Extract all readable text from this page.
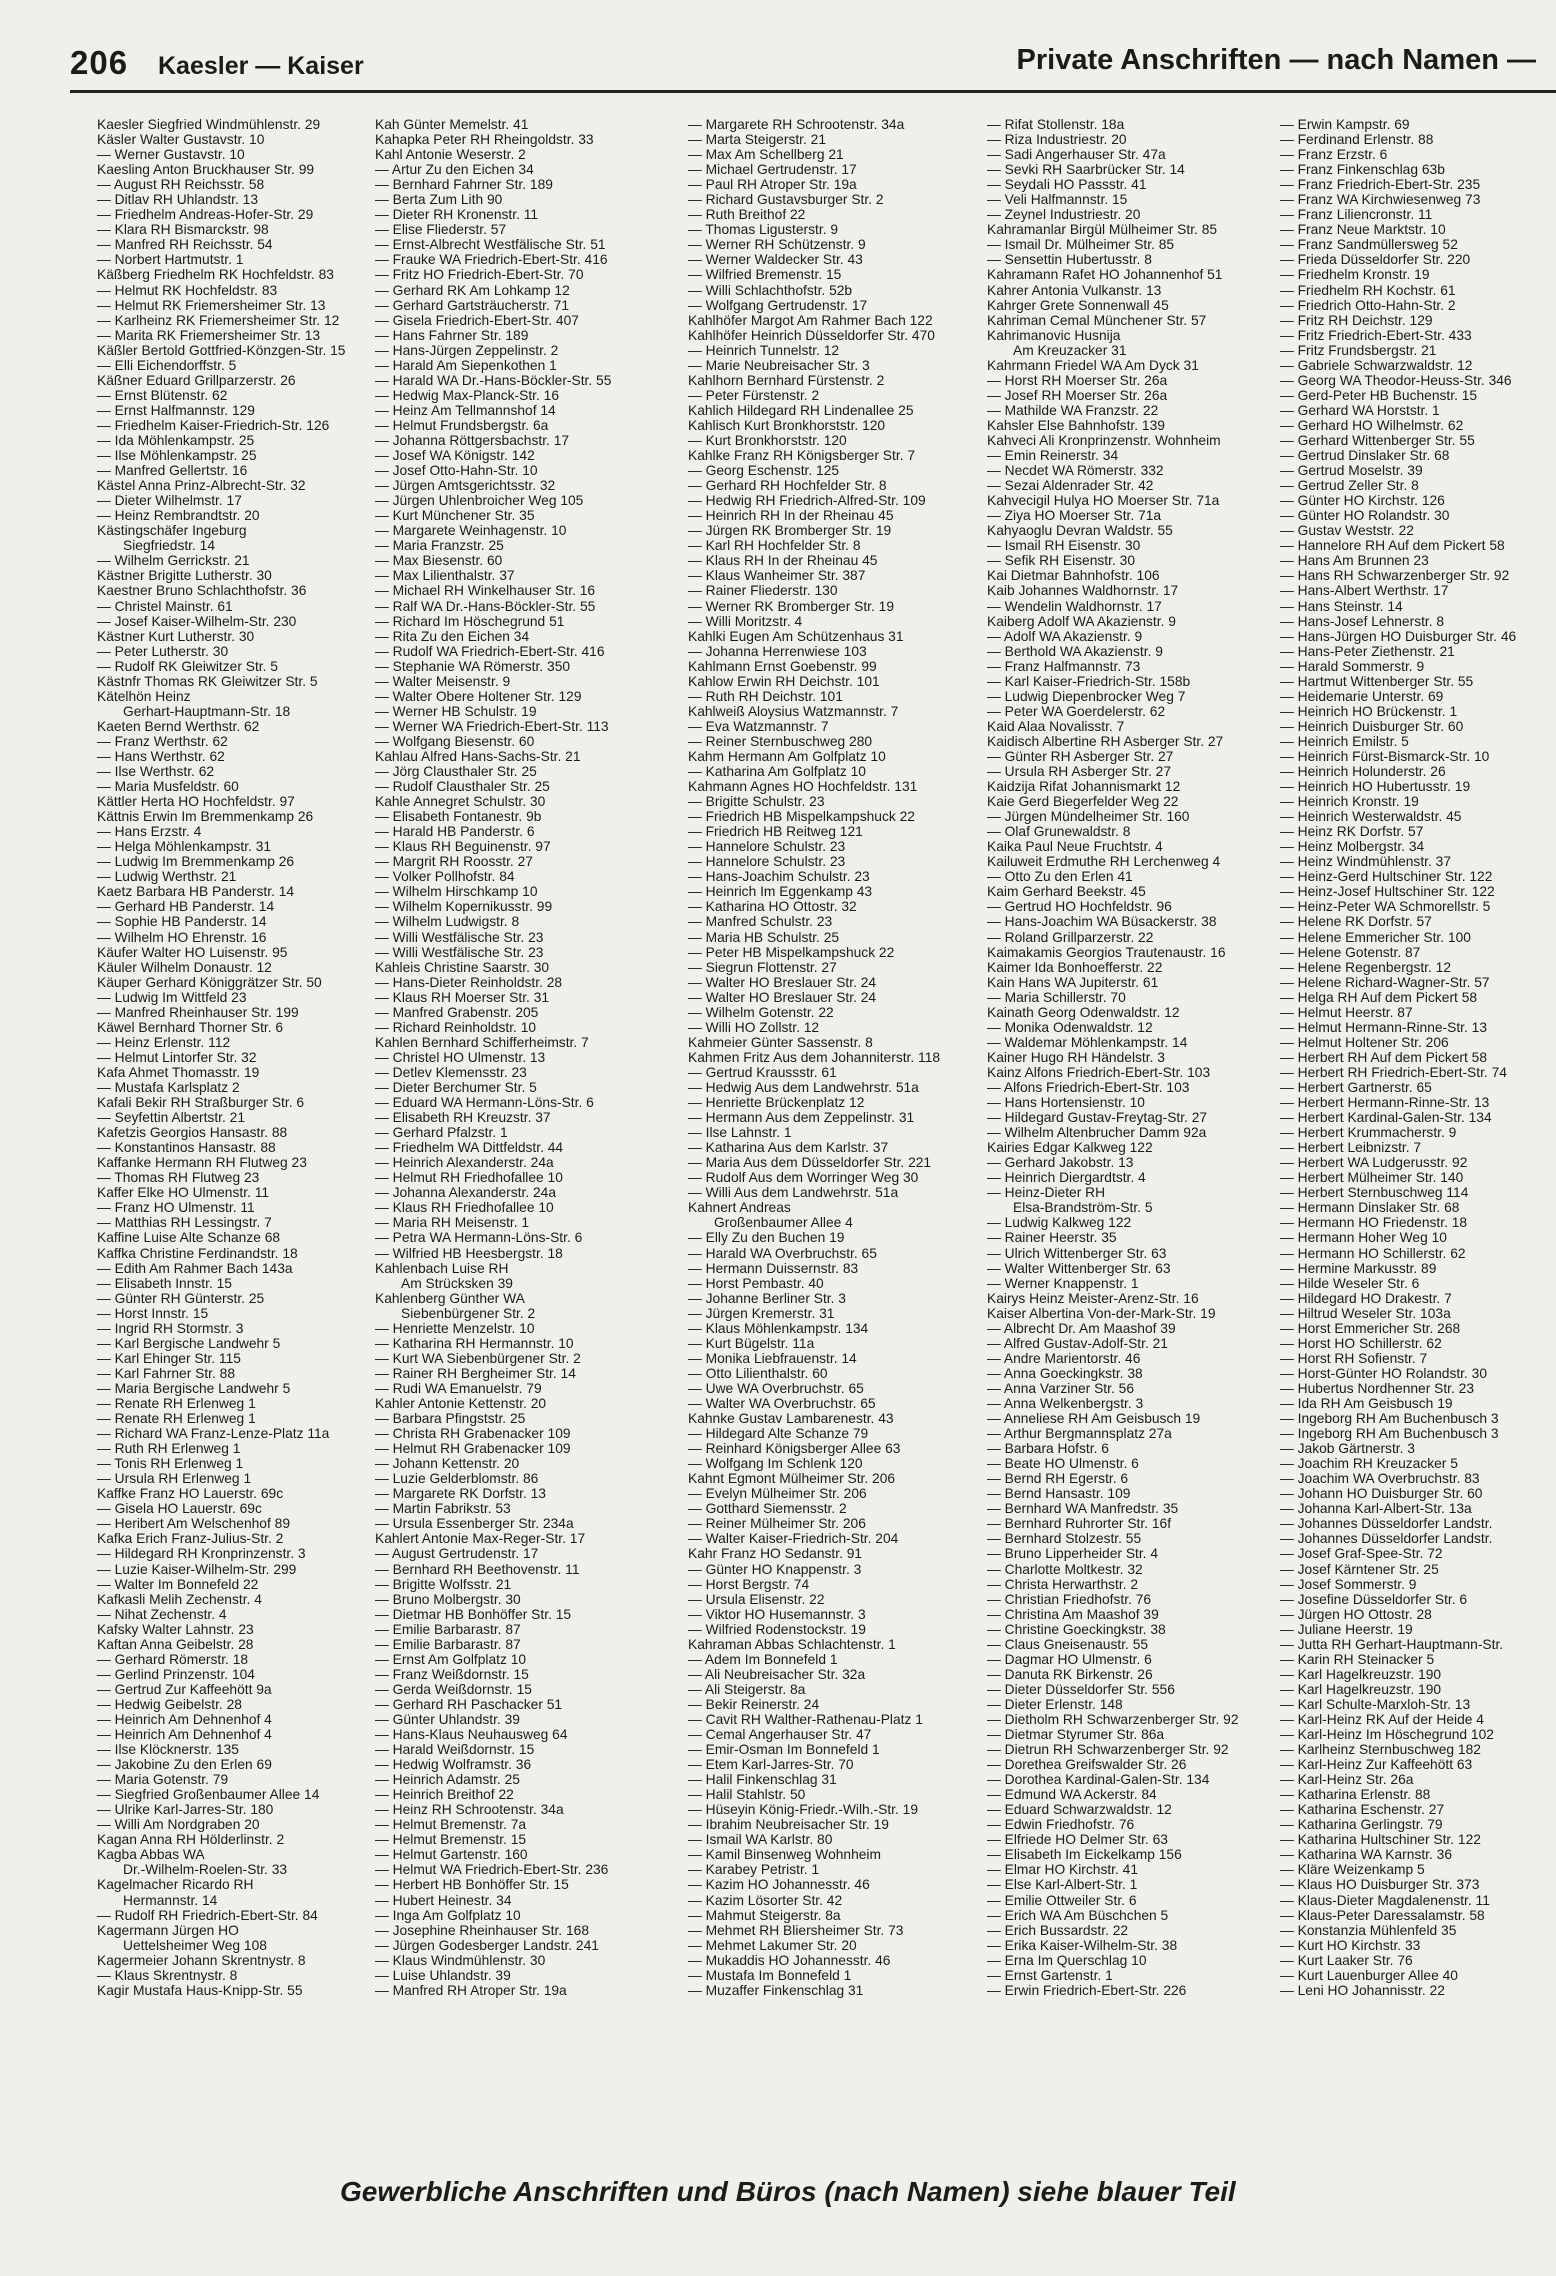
206 Kaesler — Kaiser	Private Anschriften — nach Namen —
Kaesler Siegfried Windmühlenstr. 29
Käsler Walter Gustavstr. 10
— Werner Gustavstr. 10
Kaesling Anton Bruckhauser Str. 99
— August RH Reichsstr. 58
— Ditlav RH Uhlandstr. 13
— Friedhelm Andreas-Hofer-Str. 29
— Klara RH Bismarckstr. 98
— Manfred RH Reichsstr. 54
— Norbert Hartmutstr. 1
Käßberg Friedhelm RK Hochfeldstr. 83
— Helmut RK Hochfeldstr. 83
— Helmut RK Friemersheimer Str. 13
— Karlheinz RK Friemersheimer Str. 12
— Marita RK Friemersheimer Str. 13
Käßler Bertold Gottfried-Könzgen-Str. 15
— Elli Eichendorffstr. 5
Käßner Eduard Grillparzerstr. 26
— Ernst Blütenstr. 62
— Ernst Halfmannstr. 129
— Friedhelm Kaiser-Friedrich-Str. 126
— Ida Möhlenkampstr. 25
— Ilse Möhlenkampstr. 25
— Manfred Gellertstr. 16
Kästel Anna Prinz-Albrecht-Str. 32
— Dieter Wilhelmstr. 17
— Heinz Rembrandtstr. 20
Kästingschäfer Ingeburg
Siegfriedstr. 14
— Wilhelm Gerrickstr. 21
Kästner Brigitte Lutherstr. 30
Kaestner Bruno Schlachthofstr. 36
— Christel Mainstr. 61
— Josef Kaiser-Wilhelm-Str. 230
Kästner Kurt Lutherstr. 30
— Peter Lutherstr. 30
— Rudolf RK Gleiwitzer Str. 5
Kästnfr Thomas RK Gleiwitzer Str. 5
Kätelhön Heinz
Gerhart-Hauptmann-Str. 18
Kaeten Bernd Werthstr. 62
— Franz Werthstr. 62
— Hans Werthstr. 62
— Ilse Werthstr. 62
— Maria Musfeldstr. 60
Kättler Herta HO Hochfeldstr. 97
Kättnis Erwin Im Bremmenkamp 26
— Hans Erzstr. 4
— Helga Möhlenkampstr. 31
— Ludwig Im Bremmenkamp 26
— Ludwig Werthstr. 21
Kaetz Barbara HB Panderstr. 14
— Gerhard HB Panderstr. 14
— Sophie HB Panderstr. 14
— Wilhelm HO Ehrenstr. 16
Käufer Walter HO Luisenstr. 95
Käuler Wilhelm Donaustr. 12
Käuper Gerhard Königgrätzer Str. 50
— Ludwig Im Wittfeld 23
— Manfred Rheinhauser Str. 199
Käwel Bernhard Thorner Str. 6
— Heinz Erlenstr. 112
— Helmut Lintorfer Str. 32
Kafa Ahmet Thomasstr. 19
— Mustafa Karlsplatz 2
Kafali Bekir RH Straßburger Str. 6
— Seyfettin Albertstr. 21
Kafetzis Georgios Hansastr. 88
— Konstantinos Hansastr. 88
Kaffanke Hermann RH Flutweg 23
— Thomas RH Flutweg 23
Kaffer Elke HO Ulmenstr. 11
— Franz HO Ulmenstr. 11
— Matthias RH Lessingstr. 7
Kaffine Luise Alte Schanze 68
Kaffka Christine Ferdinandstr. 18
— Edith Am Rahmer Bach 143a
— Elisabeth Innstr. 15
— Günter RH Günterstr. 25
— Horst Innstr. 15
— Ingrid RH Stormstr. 3
— Karl Bergische Landwehr 5
— Karl Ehinger Str. 115
— Karl Fahrner Str. 88
— Maria Bergische Landwehr 5
— Renate RH Erlenweg 1
— Renate RH Erlenweg 1
— Richard WA Franz-Lenze-Platz 11a
— Ruth RH Erlenweg 1
— Tonis RH Erlenweg 1
— Ursula RH Erlenweg 1
Kaffke Franz HO Lauerstr. 69c
— Gisela HO Lauerstr. 69c
— Heribert Am Welschenhof 89
Kafka Erich Franz-Julius-Str. 2
— Hildegard RH Kronprinzenstr. 3
— Luzie Kaiser-Wilhelm-Str. 299
— Walter Im Bonnefeld 22
Kafkasli Melih Zechenstr. 4
— Nihat Zechenstr. 4
Kafsky Walter Lahnstr. 23
Kaftan Anna Geibelstr. 28
— Gerhard Römerstr. 18
— Gerlind Prinzenstr. 104
— Gertrud Zur Kaffeehött 9a
— Hedwig Geibelstr. 28
— Heinrich Am Dehnenhof 4
— Heinrich Am Dehnenhof 4
— Ilse Klöcknerstr. 135
— Jakobine Zu den Erlen 69
— Maria Gotenstr. 79
— Siegfried Großenbaumer Allee 14
— Ulrike Karl-Jarres-Str. 180
— Willi Am Nordgraben 20
Kagan Anna RH Hölderlinstr. 2
Kagba Abbas WA
Dr.-Wilhelm-Roelen-Str. 33
Kagelmacher Ricardo RH
Hermannstr. 14
— Rudolf RH Friedrich-Ebert-Str. 84
Kagermann Jürgen HO
Uettelsheimer Weg 108
Kagermeier Johann Skrentnystr. 8
— Klaus Skrentnystr. 8
Kagir Mustafa Haus-Knipp-Str. 55
Kah Günter Memelstr. 41
Kahapka Peter RH Rheingoldstr. 33
Kahl Antonie Weserstr. 2
— Artur Zu den Eichen 34
— Bernhard Fahrner Str. 189
— Berta Zum Lith 90
— Dieter RH Kronenstr. 11
— Elise Fliederstr. 57
— Ernst-Albrecht Westfälische Str. 51
— Frauke WA Friedrich-Ebert-Str. 416
— Fritz HO Friedrich-Ebert-Str. 70
— Gerhard RK Am Lohkamp 12
— Gerhard Gartsträucherstr. 71
— Gisela Friedrich-Ebert-Str. 407
— Hans Fahrner Str. 189
— Hans-Jürgen Zeppelinstr. 2
— Harald Am Siepenkothen 1
— Harald WA Dr.-Hans-Böckler-Str. 55
— Hedwig Max-Planck-Str. 16
— Heinz Am Tellmannshof 14
— Helmut Frundsbergstr. 6a
— Johanna Röttgersbachstr. 17
— Josef WA Königstr. 142
— Josef Otto-Hahn-Str. 10
— Jürgen Amtsgerichtsstr. 32
— Jürgen Uhlenbroicher Weg 105
— Kurt Münchener Str. 35
— Margarete Weinhagenstr. 10
— Maria Franzstr. 25
— Max Biesenstr. 60
— Max Lilienthalstr. 37
— Michael RH Winkelhauser Str. 16
— Ralf WA Dr.-Hans-Böckler-Str. 55
— Richard Im Höschegrund 51
— Rita Zu den Eichen 34
— Rudolf WA Friedrich-Ebert-Str. 416
— Stephanie WA Römerstr. 350
— Walter Meisenstr. 9
— Walter Obere Holtener Str. 129
— Werner HB Schulstr. 19
— Werner WA Friedrich-Ebert-Str. 113
— Wolfgang Biesenstr. 60
Kahlau Alfred Hans-Sachs-Str. 21
— Jörg Clausthaler Str. 25
— Rudolf Clausthaler Str. 25
Kahle Annegret Schulstr. 30
— Elisabeth Fontanestr. 9b
— Harald HB Panderstr. 6
— Klaus RH Beguinenstr. 97
— Margrit RH Roosstr. 27
— Volker Pollhofstr. 84
— Wilhelm Hirschkamp 10
— Wilhelm Kopernikusstr. 99
— Wilhelm Ludwigstr. 8
— Willi Westfälische Str. 23
— Willi Westfälische Str. 23
Kahleis Christine Saarstr. 30
— Hans-Dieter Reinholdstr. 28
— Klaus RH Moerser Str. 31
— Manfred Grabenstr. 205
— Richard Reinholdstr. 10
Kahlen Bernhard Schifferheimstr. 7
— Christel HO Ulmenstr. 13
— Detlev Klemensstr. 23
— Dieter Berchumer Str. 5
— Eduard WA Hermann-Löns-Str. 6
— Elisabeth RH Kreuzstr. 37
— Gerhard Pfalzstr. 1
— Friedhelm WA Dittfeldstr. 44
— Heinrich Alexanderstr. 24a
— Helmut RH Friedhofallee 10
— Johanna Alexanderstr. 24a
— Klaus RH Friedhofallee 10
— Maria RH Meisenstr. 1
— Petra WA Hermann-Löns-Str. 6
— Wilfried HB Heesbergstr. 18
Kahlenbach Luise RH
Am Strücksken 39
Kahlenberg Günther WA
Siebenbürgener Str. 2
— Henriette Menzelstr. 10
— Katharina RH Hermannstr. 10
— Kurt WA Siebenbürgener Str. 2
— Rainer RH Bergheimer Str. 14
— Rudi WA Emanuelstr. 79
Kahler Antonie Kettenstr. 20
— Barbara Pfingststr. 25
— Christa RH Grabenacker 109
— Helmut RH Grabenacker 109
— Johann Kettenstr. 20
— Luzie Gelderblomstr. 86
— Margarete RK Dorfstr. 13
— Martin Fabrikstr. 53
— Ursula Essenberger Str. 234a
Kahlert Antonie Max-Reger-Str. 17
— August Gertrudenstr. 17
— Bernhard RH Beethovenstr. 11
— Brigitte Wolfsstr. 21
— Bruno Molbergstr. 30
— Dietmar HB Bonhöffer Str. 15
— Emilie Barbarastr. 87
— Emilie Barbarastr. 87
— Ernst Am Golfplatz 10
— Franz Weißdornstr. 15
— Gerda Weißdornstr. 15
— Gerhard RH Paschacker 51
— Günter Uhlandstr. 39
— Hans-Klaus Neuhausweg 64
— Harald Weißdornstr. 15
— Hedwig Wolframstr. 36
— Heinrich Adamstr. 25
— Heinrich Breithof 22
— Heinz RH Schrootenstr. 34a
— Helmut Bremenstr. 7a
— Helmut Bremenstr. 15
— Helmut Gartenstr. 160
— Helmut WA Friedrich-Ebert-Str. 236
— Herbert HB Bonhöffer Str. 15
— Hubert Heinestr. 34
— Inga Am Golfplatz 10
— Josephine Rheinhauser Str. 168
— Jürgen Godesberger Landstr. 241
— Klaus Windmühlenstr. 30
— Luise Uhlandstr. 39
— Manfred RH Atroper Str. 19a
— Margarete RH Schrootenstr. 34a
— Marta Steigerstr. 21
— Max Am Schellberg 21
— Michael Gertrudenstr. 17
— Paul RH Atroper Str. 19a
— Richard Gustavsburger Str. 2
— Ruth Breithof 22
— Thomas Ligusterstr. 9
— Werner RH Schützenstr. 9
— Werner Waldecker Str. 43
— Wilfried Bremenstr. 15
— Willi Schlachthofstr. 52b
— Wolfgang Gertrudenstr. 17
Kahlhöfer Margot Am Rahmer Bach 122
Kahlhöfer Heinrich Düsseldorfer Str. 470
— Heinrich Tunnelstr. 12
— Marie Neubreisacher Str. 3
Kahlhorn Bernhard Fürstenstr. 2
— Peter Fürstenstr. 2
Kahlich Hildegard RH Lindenallee 25
Kahlisch Kurt Bronkhorststr. 120
— Kurt Bronkhorststr. 120
Kahlke Franz RH Königsberger Str. 7
— Georg Eschenstr. 125
— Gerhard RH Hochfelder Str. 8
— Hedwig RH Friedrich-Alfred-Str. 109
— Heinrich RH In der Rheinau 45
— Jürgen RK Bromberger Str. 19
— Karl RH Hochfelder Str. 8
— Klaus RH In der Rheinau 45
— Klaus Wanheimer Str. 387
— Rainer Fliederstr. 130
— Werner RK Bromberger Str. 19
— Willi Moritzstr. 4
Kahlki Eugen Am Schützenhaus 31
— Johanna Herrenwiese 103
Kahlmann Ernst Goebenstr. 99
Kahlow Erwin RH Deichstr. 101
— Ruth RH Deichstr. 101
Kahlweiß Aloysius Watzmannstr. 7
— Eva Watzmannstr. 7
— Reiner Sternbuschweg 280
Kahm Hermann Am Golfplatz 10
— Katharina Am Golfplatz 10
Kahmann Agnes HO Hochfeldstr. 131
— Brigitte Schulstr. 23
— Friedrich HB Mispelkampshuck 22
— Friedrich HB Reitweg 121
— Hannelore Schulstr. 23
— Hannelore Schulstr. 23
— Hans-Joachim Schulstr. 23
— Heinrich Im Eggenkamp 43
— Katharina HO Ottostr. 32
— Manfred Schulstr. 23
— Maria HB Schulstr. 25
— Peter HB Mispelkampshuck 22
— Siegrun Flottenstr. 27
— Walter HO Breslauer Str. 24
— Walter HO Breslauer Str. 24
— Wilhelm Gotenstr. 22
— Willi HO Zollstr. 12
Kahmeier Günter Sassenstr. 8
Kahmen Fritz Aus dem Johanniterstr. 118
— Gertrud Kraussstr. 61
— Hedwig Aus dem Landwehrstr. 51a
— Henriette Brückenplatz 12
— Hermann Aus dem Zeppelinstr. 31
— Ilse Lahnstr. 1
— Katharina Aus dem Karlstr. 37
— Maria Aus dem Düsseldorfer Str. 221
— Rudolf Aus dem Worringer Weg 30
— Willi Aus dem Landwehrstr. 51a
Kahnert Andreas
Großenbaumer Allee 4
— Elly Zu den Buchen 19
— Harald WA Overbruchstr. 65
— Hermann Duissernstr. 83
— Horst Pembastr. 40
— Johanne Berliner Str. 3
— Jürgen Kremerstr. 31
— Klaus Möhlenkampstr. 134
— Kurt Bügelstr. 11a
— Monika Liebfrauenstr. 14
— Otto Lilienthalstr. 60
— Uwe WA Overbruchstr. 65
— Walter WA Overbruchstr. 65
Kahnke Gustav Lambarenestr. 43
— Hildegard Alte Schanze 79
— Reinhard Königsberger Allee 63
— Wolfgang Im Schlenk 120
Kahnt Egmont Mülheimer Str. 206
— Evelyn Mülheimer Str. 206
— Gotthard Siemensstr. 2
— Reiner Mülheimer Str. 206
— Walter Kaiser-Friedrich-Str. 204
Kahr Franz HO Sedanstr. 91
— Günter HO Knappenstr. 3
— Horst Bergstr. 74
— Ursula Elisenstr. 22
— Viktor HO Husemannstr. 3
— Wilfried Rodenstockstr. 19
Kahraman Abbas Schlachtenstr. 1
— Adem Im Bonnefeld 1
— Ali Neubreisacher Str. 32a
— Ali Steigerstr. 8a
— Bekir Reinerstr. 24
— Cavit RH Walther-Rathenau-Platz 1
— Cemal Angerhauser Str. 47
— Emir-Osman Im Bonnefeld 1
— Etem Karl-Jarres-Str. 70
— Halil Finkenschlag 31
— Halil Stahlstr. 50
— Hüseyin König-Friedr.-Wilh.-Str. 19
— Ibrahim Neubreisacher Str. 19
— Ismail WA Karlstr. 80
— Kamil Binsenweg Wohnheim
— Karabey Petristr. 1
— Kazim HO Johannesstr. 46
— Kazim Lösorter Str. 42
— Mahmut Steigerstr. 8a
— Mehmet RH Bliersheimer Str. 73
— Mehmet Lakumer Str. 20
— Mukaddis HO Johannesstr. 46
— Mustafa Im Bonnefeld 1
— Muzaffer Finkenschlag 31
— Rifat Stollenstr. 18a
— Riza Industriestr. 20
— Sadi Angerhauser Str. 47a
— Sevki RH Saarbrücker Str. 14
— Seydali HO Passstr. 41
— Veli Halfmannstr. 15
— Zeynel Industriestr. 20
Kahramanlar Birgül Mülheimer Str. 85
— Ismail Dr. Mülheimer Str. 85
— Sensettin Hubertusstr. 8
Kahramann Rafet HO Johannenhof 51
Kahrer Antonia Vulkanstr. 13
Kahrger Grete Sonnenwall 45
Kahriman Cemal Münchener Str. 57
Kahrimanovic Husnija
Am Kreuzacker 31
Kahrmann Friedel WA Am Dyck 31
— Horst RH Moerser Str. 26a
— Josef RH Moerser Str. 26a
— Mathilde WA Franzstr. 22
Kahsler Else Bahnhofstr. 139
Kahveci Ali Kronprinzenstr. Wohnheim
— Emin Reinerstr. 34
— Necdet WA Römerstr. 332
— Sezai Aldenrader Str. 42
Kahvecigil Hulya HO Moerser Str. 71a
— Ziya HO Moerser Str. 71a
Kahyaoglu Devran Waldstr. 55
— Ismail RH Eisenstr. 30
— Sefik RH Eisenstr. 30
Kai Dietmar Bahnhofstr. 106
Kaib Johannes Waldhornstr. 17
— Wendelin Waldhornstr. 17
Kaiberg Adolf WA Akazienstr. 9
— Adolf WA Akazienstr. 9
— Berthold WA Akazienstr. 9
— Franz Halfmannstr. 73
— Karl Kaiser-Friedrich-Str. 158b
— Ludwig Diepenbrocker Weg 7
— Peter WA Goerdelerstr. 62
Kaid Alaa Novalisstr. 7
Kaidisch Albertine RH Asberger Str. 27
— Günter RH Asberger Str. 27
— Ursula RH Asberger Str. 27
Kaidzija Rifat Johannismarkt 12
Kaie Gerd Biegerfelder Weg 22
— Jürgen Mündelheimer Str. 160
— Olaf Grunewaldstr. 8
Kaika Paul Neue Fruchtstr. 4
Kailuweit Erdmuthe RH Lerchenweg 4
— Otto Zu den Erlen 41
Kaim Gerhard Beekstr. 45
— Gertrud HO Hochfeldstr. 96
— Hans-Joachim WA Büsackerstr. 38
— Roland Grillparzerstr. 22
Kaimakamis Georgios Trautenaustr. 16
Kaimer Ida Bonhoefferstr. 22
Kain Hans WA Jupiterstr. 61
— Maria Schillerstr. 70
Kainath Georg Odenwaldstr. 12
— Monika Odenwaldstr. 12
— Waldemar Möhlenkampstr. 14
Kainer Hugo RH Händelstr. 3
Kainz Alfons Friedrich-Ebert-Str. 103
— Alfons Friedrich-Ebert-Str. 103
— Hans Hortensienstr. 10
— Hildegard Gustav-Freytag-Str. 27
— Wilhelm Altenbrucher Damm 92a
Kairies Edgar Kalkweg 122
— Gerhard Jakobstr. 13
— Heinrich Diergardtstr. 4
— Heinz-Dieter RH
Elsa-Brandström-Str. 5
— Ludwig Kalkweg 122
— Rainer Heerstr. 35
— Ulrich Wittenberger Str. 63
— Walter Wittenberger Str. 63
— Werner Knappenstr. 1
Kairys Heinz Meister-Arenz-Str. 16
Kaiser Albertina Von-der-Mark-Str. 19
— Albrecht Dr. Am Maashof 39
— Alfred Gustav-Adolf-Str. 21
— Andre Marientorstr. 46
— Anna Goeckingkstr. 38
— Anna Varziner Str. 56
— Anna Welkenbergstr. 3
— Anneliese RH Am Geisbusch 19
— Arthur Bergmannsplatz 27a
— Barbara Hofstr. 6
— Beate HO Ulmenstr. 6
— Bernd RH Egerstr. 6
— Bernd Hansastr. 109
— Bernhard WA Manfredstr. 35
— Bernhard Ruhrorter Str. 16f
— Bernhard Stolzestr. 55
— Bruno Lipperheider Str. 4
— Charlotte Moltkestr. 32
— Christa Herwarthstr. 2
— Christian Friedhofstr. 76
— Christina Am Maashof 39
— Christine Goeckingkstr. 38
— Claus Gneisenaustr. 55
— Dagmar HO Ulmenstr. 6
— Danuta RK Birkenstr. 26
— Dieter Düsseldorfer Str. 556
— Dieter Erlenstr. 148
— Dietholm RH Schwarzenberger Str. 92
— Dietmar Styrumer Str. 86a
— Dietrun RH Schwarzenberger Str. 92
— Dorethea Greifswalder Str. 26
— Dorothea Kardinal-Galen-Str. 134
— Edmund WA Ackerstr. 84
— Eduard Schwarzwaldstr. 12
— Edwin Friedhofstr. 76
— Elfriede HO Delmer Str. 63
— Elisabeth Im Eickelkamp 156
— Elmar HO Kirchstr. 41
— Else Karl-Albert-Str. 1
— Emilie Ottweiler Str. 6
— Erich WA Am Büschchen 5
— Erich Bussardstr. 22
— Erika Kaiser-Wilhelm-Str. 38
— Erna Im Querschlag 10
— Ernst Gartenstr. 1
— Erwin Friedrich-Ebert-Str. 226
— Erwin Kampstr. 69
— Ferdinand Erlenstr. 88
— Franz Erzstr. 6
— Franz Finkenschlag 63b
— Franz Friedrich-Ebert-Str. 235
— Franz WA Kirchwiesenweg 73
— Franz Liliencronstr. 11
— Franz Neue Marktstr. 10
— Franz Sandmüllersweg 52
— Frieda Düsseldorfer Str. 220
— Friedhelm Kronstr. 19
— Friedhelm RH Kochstr. 61
— Friedrich Otto-Hahn-Str. 2
— Fritz RH Deichstr. 129
— Fritz Friedrich-Ebert-Str. 433
— Fritz Frundsbergstr. 21
— Gabriele Schwarzwaldstr. 12
— Georg WA Theodor-Heuss-Str. 346
— Gerd-Peter HB Buchenstr. 15
— Gerhard WA Horststr. 1
— Gerhard HO Wilhelmstr. 62
— Gerhard Wittenberger Str. 55
— Gertrud Dinslaker Str. 68
— Gertrud Moselstr. 39
— Gertrud Zeller Str. 8
— Günter HO Kirchstr. 126
— Günter HO Rolandstr. 30
— Gustav Weststr. 22
— Hannelore RH Auf dem Pickert 58
— Hans Am Brunnen 23
— Hans RH Schwarzenberger Str. 92
— Hans-Albert Werthstr. 17
— Hans Steinstr. 14
— Hans-Josef Lehnerstr. 8
— Hans-Jürgen HO Duisburger Str. 46
— Hans-Peter Ziethenstr. 21
— Harald Sommerstr. 9
— Hartmut Wittenberger Str. 55
— Heidemarie Unterstr. 69
— Heinrich HO Brückenstr. 1
— Heinrich Duisburger Str. 60
— Heinrich Emilstr. 5
— Heinrich Fürst-Bismarck-Str. 10
— Heinrich Holunderstr. 26
— Heinrich HO Hubertusstr. 19
— Heinrich Kronstr. 19
— Heinrich Westerwaldstr. 45
— Heinz RK Dorfstr. 57
— Heinz Molbergstr. 34
— Heinz Windmühlenstr. 37
— Heinz-Gerd Hultschiner Str. 122
— Heinz-Josef Hultschiner Str. 122
— Heinz-Peter WA Schmorellstr. 5
— Helene RK Dorfstr. 57
— Helene Emmericher Str. 100
— Helene Gotenstr. 87
— Helene Regenbergstr. 12
— Helene Richard-Wagner-Str. 57
— Helga RH Auf dem Pickert 58
— Helmut Heerstr. 87
— Helmut Hermann-Rinne-Str. 13
— Helmut Holtener Str. 206
— Herbert RH Auf dem Pickert 58
— Herbert RH Friedrich-Ebert-Str. 74
— Herbert Gartnerstr. 65
— Herbert Hermann-Rinne-Str. 13
— Herbert Kardinal-Galen-Str. 134
— Herbert Krummacherstr. 9
— Herbert Leibnizstr. 7
— Herbert WA Ludgerusstr. 92
— Herbert Mülheimer Str. 140
— Herbert Sternbuschweg 114
— Hermann Dinslaker Str. 68
— Hermann HO Friedenstr. 18
— Hermann Hoher Weg 10
— Hermann HO Schillerstr. 62
— Hermine Markusstr. 89
— Hilde Weseler Str. 6
— Hildegard HO Drakestr. 7
— Hiltrud Weseler Str. 103a
— Horst Emmericher Str. 268
— Horst HO Schillerstr. 62
— Horst RH Sofienstr. 7
— Horst-Günter HO Rolandstr. 30
— Hubertus Nordhenner Str. 23
— Ida RH Am Geisbusch 19
— Ingeborg RH Am Buchenbusch 3
— Ingeborg RH Am Buchenbusch 3
— Jakob Gärtnerstr. 3
— Joachim RH Kreuzacker 5
— Joachim WA Overbruchstr. 83
— Johann HO Duisburger Str. 60
— Johanna Karl-Albert-Str. 13a
— Johannes Düsseldorfer Landstr.
— Johannes Düsseldorfer Landstr.
— Josef Graf-Spee-Str. 72
— Josef Kärntener Str. 25
— Josef Sommerstr. 9
— Josefine Düsseldorfer Str. 6
— Jürgen HO Ottostr. 28
— Juliane Heerstr. 19
— Jutta RH Gerhart-Hauptmann-Str.
— Karin RH Steinacker 5
— Karl Hagelkreuzstr. 190
— Karl Hagelkreuzstr. 190
— Karl Schulte-Marxloh-Str. 13
— Karl-Heinz RK Auf der Heide 4
— Karl-Heinz Im Höschegrund 102
— Karlheinz Sternbuschweg 182
— Karl-Heinz Zur Kaffeehött 63
— Karl-Heinz Str. 26a
— Katharina Erlenstr. 88
— Katharina Eschenstr. 27
— Katharina Gerlingstr. 79
— Katharina Hultschiner Str. 122
— Katharina WA Karnstr. 36
— Kläre Weizenkamp 5
— Klaus HO Duisburger Str. 373
— Klaus-Dieter Magdalenenstr. 11
— Klaus-Peter Daressalamstr. 58
— Konstanzia Mühlenfeld 35
— Kurt HO Kirchstr. 33
— Kurt Laaker Str. 76
— Kurt Lauenburger Allee 40
— Leni HO Johannisstr. 22
Gewerbliche Anschriften und Büros (nach Namen) siehe blauer Teil
